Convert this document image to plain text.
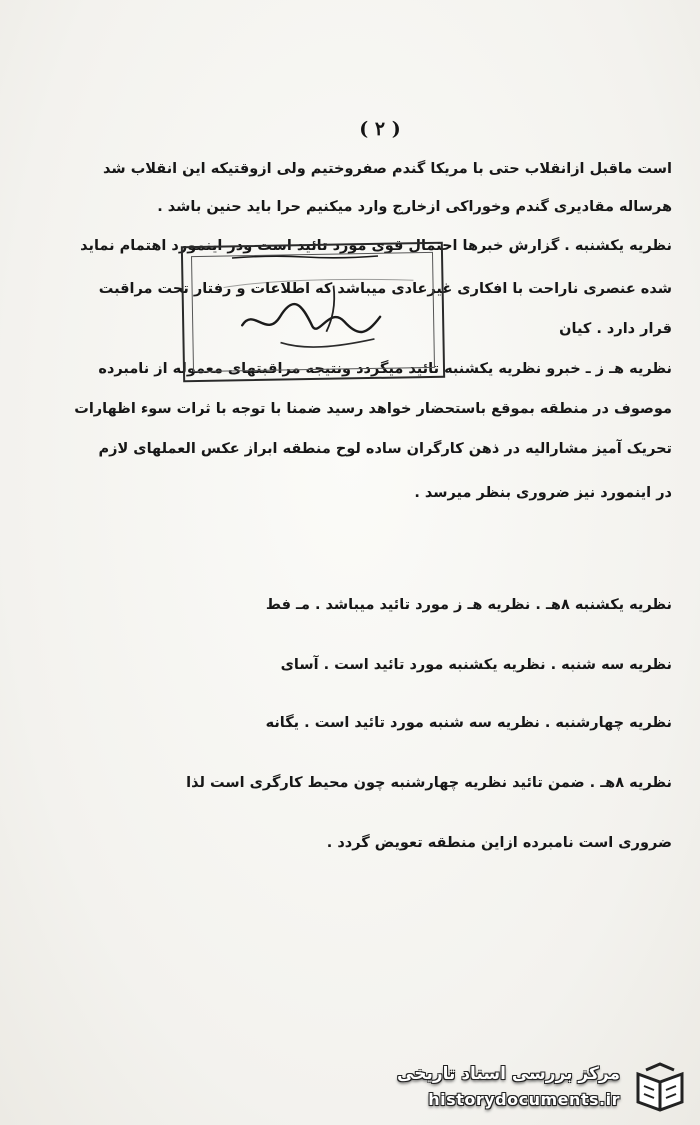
( ۲ )
است ماقبل ازانقلاب حتی با مریکا گندم صفروختیم ولی ازوقتیکه این انقلاب شد
هرساله مقادیری گندم وخوراکی ازخارج وارد میکنیم حرا باید حنین باشد .
نظریه یکشنبه . گزارش خبرها احتمال قوی مورد تائید است ودر اینمورد اهتمام نماید
شده عنصری ناراحت با افکاری غیرعادی میباشد که اطلاعات و رفتار تحت مراقبت
قرار دارد . کیان
نظریه هـ ز ـ خبرو نظریه یکشنبه تائید میگردد ونتیجه مراقبتهای معموله از نامبرده
موصوف در منطقه بموقع باستحضار خواهد رسید ضمنا با توجه با ثرات سوء اظهارات
تحریک آمیز مشارالیه در ذهن کارگران ساده لوح منطقه ابراز عکس العملهای لازم
در اینمورد نیز ضروری بنظر میرسد .
نظریه یکشنبه ۸هـ . نظریه هـ ز مورد تائید میباشد . مـ فط
نظریه سه شنبه . نظریه یکشنبه مورد تائید است . آسای
نظریه چهارشنبه . نظریه سه شنبه مورد تائید است . یگانه
نظریه ۸هـ . ضمن تائید نظریه چهارشنبه چون محیط کارگری است لذا
ضروری است نامبرده ازاین منطقه تعویض گردد .
مرکز بررسی اسناد تاریخی
historydocuments.ir
